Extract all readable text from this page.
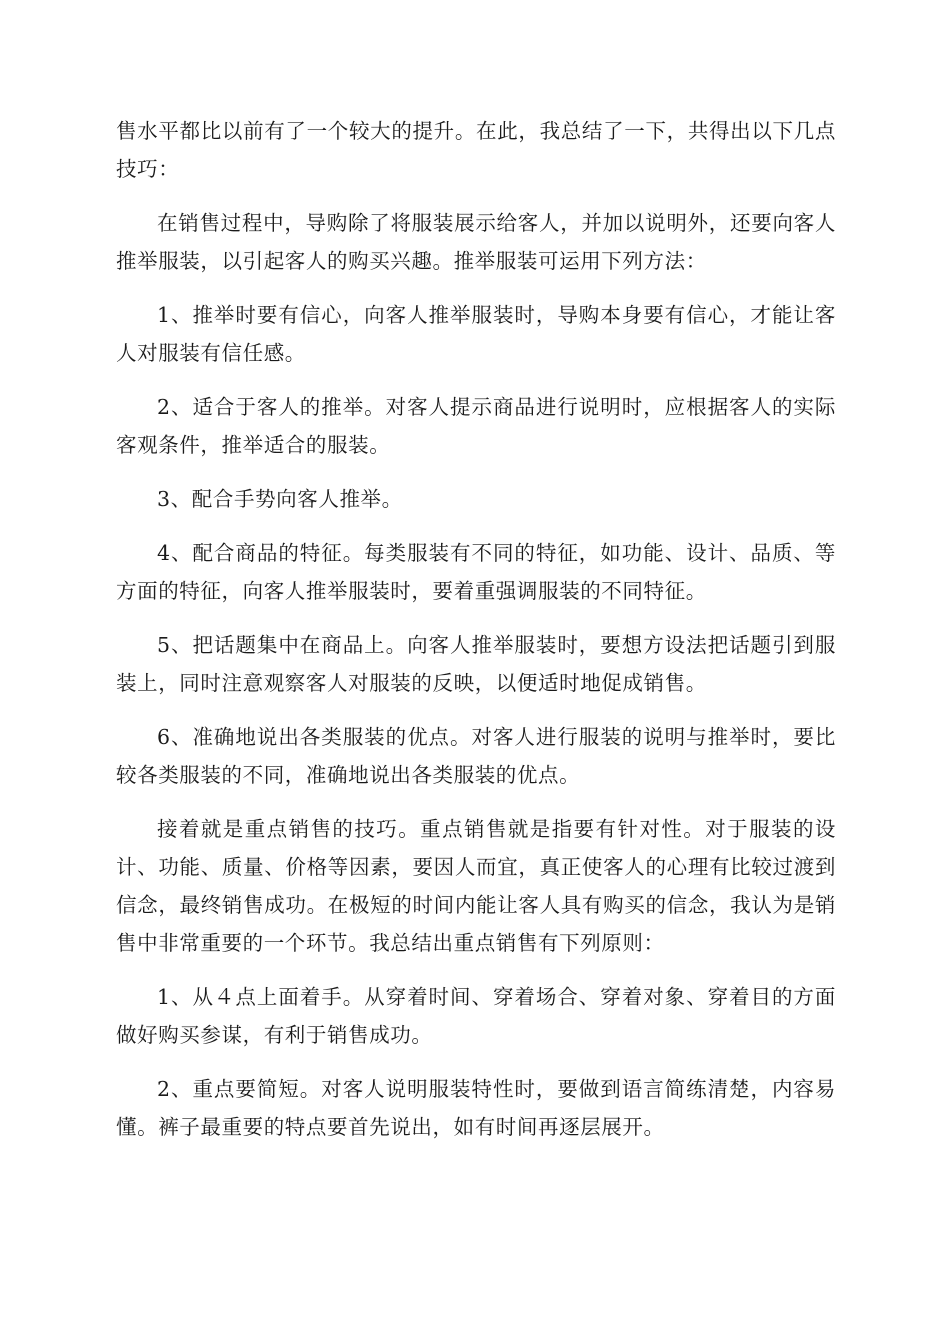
售水平都比以前有了一个较大的提升。在此，我总结了一下，共得出以下几点技巧：

在销售过程中，导购除了将服装展示给客人，并加以说明外，还要向客人推举服装，以引起客人的购买兴趣。推举服装可运用下列方法：

1、推举时要有信心，向客人推举服装时，导购本身要有信心，才能让客人对服装有信任感。

2、适合于客人的推举。对客人提示商品进行说明时，应根据客人的实际客观条件，推举适合的服装。

3、配合手势向客人推举。

4、配合商品的特征。每类服装有不同的特征，如功能、设计、品质、等方面的特征，向客人推举服装时，要着重强调服装的不同特征。

5、把话题集中在商品上。向客人推举服装时，要想方设法把话题引到服装上，同时注意观察客人对服装的反映，以便适时地促成销售。

6、准确地说出各类服装的优点。对客人进行服装的说明与推举时，要比较各类服装的不同，准确地说出各类服装的优点。

接着就是重点销售的技巧。重点销售就是指要有针对性。对于服装的设计、功能、质量、价格等因素，要因人而宜，真正使客人的心理有比较过渡到信念，最终销售成功。在极短的时间内能让客人具有购买的信念，我认为是销售中非常重要的一个环节。我总结出重点销售有下列原则：

1、从４点上面着手。从穿着时间、穿着场合、穿着对象、穿着目的方面做好购买参谋，有利于销售成功。

2、重点要简短。对客人说明服装特性时，要做到语言简练清楚，内容易懂。裤子最重要的特点要首先说出，如有时间再逐层展开。
